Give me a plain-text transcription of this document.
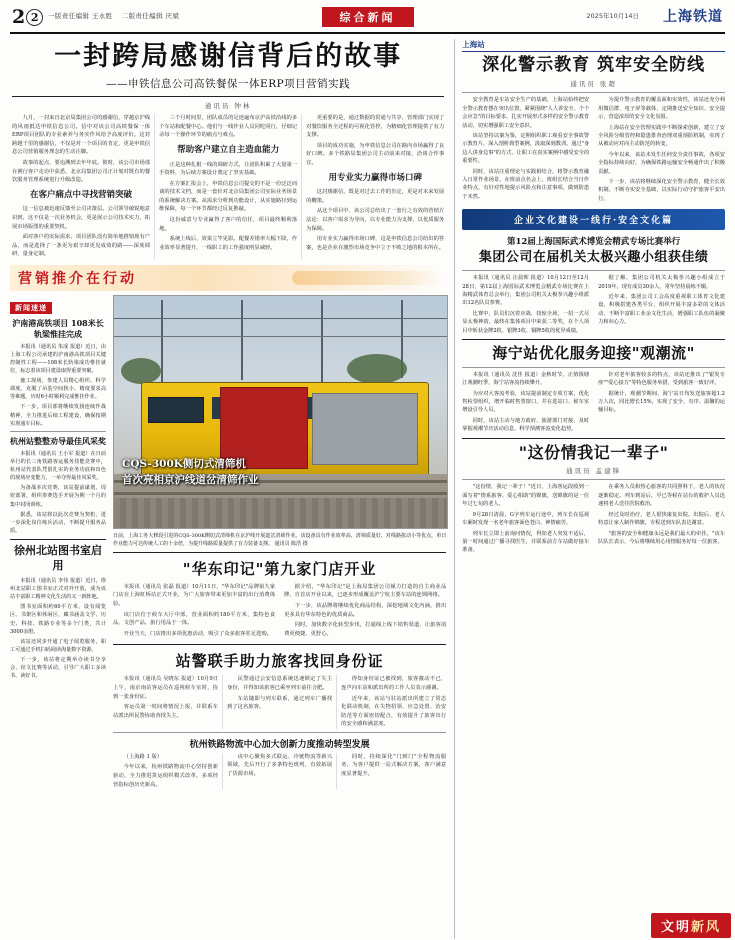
2 2	一版责任编辑 王永胜 二版责任编辑 庆斌	综合新闻	2025年10月14日 上海铁道
一封跨局感谢信背后的故事
——申铁信息公司高铁餐保一体ERP项目营销实践
通讯员 钟林

九月，一封来自北京局集团公司的感谢信，穿越京沪线的风雨抵达申铁信息公司。信中对该公司高铁餐保一体ERP项目团队的专业素养与务实作风给予高度评价。这封跨越千里的感谢信，不仅是对一个项目的肯定，更是申铁信息公司营销服务理念的生动注脚。

故事的起点，要追溯到去年年底。彼时，该公司市场部在例行客户走访中获悉，北京局集团公司正计划对既有的餐饮服务管理系统进行升级改造。

在客户痛点中寻找营销突破

这一信息被迅速反馈至公司决策层。公司领导敏锐地意识到，这不仅是一次业务机会，更是展示公司技术实力、拓展市场版图的重要契机。

面对客户的实际需求，项目团队没有简单地推销现有产品，而是选择了一条更为艰辛却更见成效的路——深度调研，量身定制。

三个月时间里，团队成员的足迹遍布京沪高铁沿线的多个车站和配餐中心。他们与一线作业人员同吃同行，仔细记录每一个操作环节的痛点与难点。

帮助客户建立自主造血能力

正是这种扎根一线的调研方式，让团队积累了大量第一手资料，为后续方案设计奠定了坚实基础。

在方案汇报会上，申铁信息公司提交的不是一份泛泛而谈的技术文档，而是一套针对北京局集团公司实际业务场景的系统解决方案。从需求分析到功能设计，从实施路径到运维保障，每一个环节都经过反复推敲。

这份诚意与专业赢得了客户的信任，项目最终顺利落地。

系统上线后，效果立竿见影。配餐差错率大幅下降，作业效率显著提升，一线职工的工作强度明显减轻。

更重要的是，通过数据的贯通与共享，管理部门实现了对餐饮服务全过程的可视化管控，为精细化管理提供了有力支撑。

项目的成功实施，为申铁信息公司在路内市场赢得了良好口碑。多个铁路局集团公司主动前来对接，洽谈合作事宜。

用专业实力赢得市场口碑

这封感谢信，既是对过去工作的肯定，更是对未来发展的鞭策。

从这个项目中，该公司总结出了一套行之有效的营销方法论：以客户需求为导向，以专业能力为支撑，以优质服务为保障。

用专业实力赢得市场口碑，这是申铁信息公司给出的答案，也是企业在激烈市场竞争中立于不败之地的根本所在。

营销推介在行动
新闻速递
沪南港高铁项目 108米长轨梁惟挂完成

本报讯（通讯员 朱成 报道）近日，由上海工程公司承建的沪南港高铁项目关键控制性工程——108米长轨梁成功惟挂就位，标志着该项目建设取得重要突破。

施工现场，参建人员精心组织、科学调度，克服了吊装空间狭小、精度要求高等难题，历时6小时顺利完成惟挂作业。

下一步，项目部将继续发扬连续作战精神，全力推进后续工程建设，确保按期实现通车目标。

杭州站整整劝导最佳风采奖

本报讯（通讯员 王小军 报道）在日前举行的长三角铁路客运服务技能竞赛中，杭州站代表队凭借扎实的业务功底和出色的现场应变能力，一举夺得最佳风采奖。

为备战本次竞赛，该站提前谋划、周密部署，组织参赛选手开展为期一个月的集中封闭训练。

据悉，该站将以此次竞赛为契机，进一步深化岗位练兵活动，不断提升服务品质。

徐州北站图书室启用

本报讯（通讯员 李伟 报道）近日，徐州北站职工图书室正式对外开放，成为该站丰富职工精神文化生活的又一新阵地。

图书室面积约60平方米，设有阅览区、书架区和休闲区，藏书涵盖文学、历史、科技、铁路专业等多个门类，共计3000余册。

该站还同步开通了电子阅览服务，职工可通过手机扫码阅读海量数字资源。

下一步，该站将定期举办读书分享会、征文比赛等活动，引导广大职工多读书、读好书。

CQS-300K侧切式清筛机
首次亮相京沪线道岔清筛作业
日前，上海工务大修段引进的CQS-300K侧切式清筛机在京沪线开展道岔清筛作业。该设备具有作业效率高、清筛质量好、对线路扰动小等优点，单日作业能力可达传统人工的十余倍，为提升线路质量提供了有力装备支撑。 通讯员 陈浩 摄
"华东印记"第九家门店开业

本报讯（通讯员 张磊 报道）10月11日，"华东印记"品牌第九家门店在上海虹桥站正式开业，为广大旅客带来更加丰富的出行消费体验。

该门店位于候车大厅中部，营业面积约180平方米，集特色食品、文创产品、旅行用品于一体。

开业当天，门店推出多项优惠活动，吸引了众多旅客驻足选购。

据介绍，"华东印记"是上海局集团公司倾力打造的自主商业品牌，自首店开业以来，已逐步形成覆盖沪宁杭主要车站的连锁网络。

下一步，该品牌将继续优化商品结构，深挖地域文化内涵，推出更多具有华东特色的优质商品。

同时，加快数字化转型步伐，打通线上线下销售渠道，让旅客消费更便捷、更舒心。

站警联手助力旅客找回身份证

本报讯（通讯员 吴晓东 报道）10月9日上午，南京南站客运员在巡视候车室时，捡到一张身份证。

客运员第一时间将情况上报，并联系车站派出所民警协助查找失主。

民警通过公安信息系统迅速锁定了失主身份，并得知该旅客已乘坐列车前往合肥。

车站随即与列车联系，通过列车广播找到了这名旅客。

得知身份证已被找到，旅客激动不已，连声向车站和派出所的工作人员表示感谢。

近年来，该站与驻站派出所建立了常态化联动机制，在失物招领、应急处置、治安防范等方面密切配合，有效提升了旅客出行的安全感和满意度。

杭州铁路物流中心加大创新力度推动转型发展

（上海路 1 版）

今年以来，杭州铁路物流中心坚持创新驱动，全力推进货运组织模式改革，多项经营指标创历史新高。

该中心聚焦多式联运、冷链物流等新兴领域，先后开行了多条特色班列，有效拓展了货源市场。

同时，持续深化"门到门"全程物流服务，为客户提供一站式解决方案，客户满意度显著提升。

上海站
深化警示教育 筑牢安全防线
通讯员 张超

安全教育是车站安全生产的基础，上海站始终把安全警示教育摆在突出位置，紧紧围绕"人人讲安全、个个会应急"的目标要求，扎实开展形式多样的安全警示教育活动，切实增强职工安全意识。

该站坚持以案为鉴，定期组织职工观看安全事故警示教育片，深入剖析典型案例，汲取深刻教训。通过"身边人讲身边事"的方式，让职工在真实案例中感受安全的重要性。

同时，该站注重理论与实践相结合，将警示教育融入日常作业场景。在班前点名会上，班组长结合当日作业特点，有针对性地提示风险点和注意事项，做到防患于未然。

为提升警示教育的覆盖面和实效性，该站还充分利用微信群、电子屏等载体，定期推送安全知识、安全提示，营造浓厚的安全文化氛围。

上海站在安全管理实践中不断探索创新，建立了安全风险分级管控和隐患排查治理双重预防机制，实现了从被动应对向主动防范的转变。

今年以来，该站未发生任何安全责任事故，各项安全指标持续向好，为确保铁路运输安全畅通作出了积极贡献。

下一步，该站将继续深化安全警示教育，健全长效机制，不断夯实安全基础，以实际行动守护旅客平安出行。

企业文化建设一线行·安全文化篇
第12届上海国际武术博览会精武专场比赛举行
集团公司在届机关太极兴趣小组获佳绩

本报讯（通讯员 汪晨晖 报道）10月12日至12月28日，第12届上海国际武术博览会精武专场比赛在上海精武体育总会举行，集团公司机关太极拳兴趣小组派出12名队员参赛。

比赛中，队员们沉着应战、技惊全场，一招一式尽显太极神韵，最终在集体项目中荣获二等奖，在个人项目中斩获金牌2枚、银牌3枚、铜牌5枚的优异成绩。

据了解，集团公司机关太极拳兴趣小组成立于2019年，现有成员30余人，常年坚持晨练不辍。

近年来，集团公司工会高度重视职工体育文化建设，积极搭建各类平台，组织开展丰富多彩的文体活动，不断丰富职工业余文化生活，增强职工队伍的凝聚力和向心力。

海宁站优化服务迎接"观潮流"

本报讯（通讯员 沈佳 报道）金秋时节，正值钱塘江观潮旺季，海宁站客流持续攀升。

为应对大客流考验，该站提前制定专项方案，优化售检票组织，增开临时售票窗口，并在进站口、候车室增设引导人员。

同时，该站主动与地方政府、旅游部门对接，及时掌握观潮节庆活动信息，科学预测客流变化趋势。

针对老年旅客较多的特点，该站还推出了"银发专座""爱心接力"等特色服务举措，受到旅客一致好评。

据统计，观潮节期间，海宁站日均发送旅客超1.2万人次，同比增长15%，实现了安全、有序、温馨的运输目标。

"这份情我记一辈子"
通讯员 孟建锋

"这份情，我记一辈子！"近日，上海客运段收到一面写着"情系旅客、爱心相助"的锦旗，送锦旗的是一位年过七旬的老人。

9月28日清晨，G字列车运行途中，列车长在巡视车厢时发现一名老年旅客面色苍白、神情痛苦。

列车长立即上前询问情况，得知老人突发不适后，第一时间通过广播寻找医生，并联系前方车站做好接车准备。

在乘务人员和热心旅客的共同照料下，老人的状况逐渐稳定。列车到站后，早已等候在站台的救护人员迅速将老人送往医院救治。

经过及时治疗，老人很快康复出院。出院后，老人特意让家人制作锦旗，专程送到车队表达谢意。

"旅客的安全和健康永远是我们最大的牵挂。"该车队队长表示，今后将继续用心用情服务好每一位旅客。

文明新风
